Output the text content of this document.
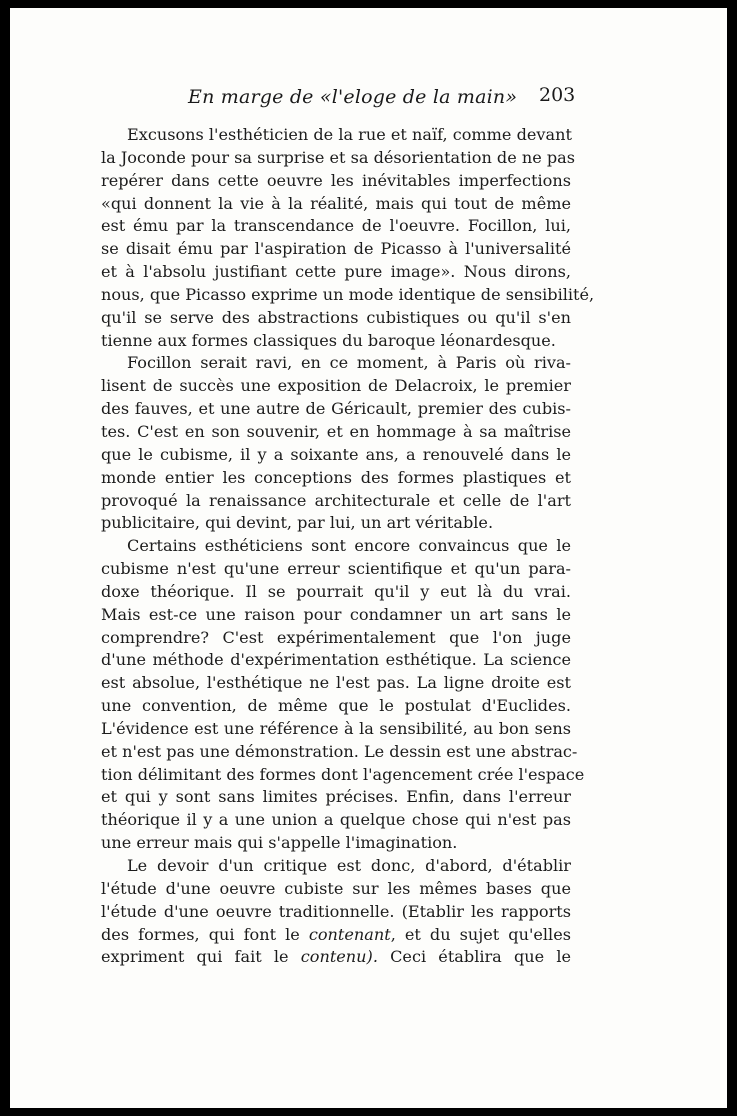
En marge de «l'eloge de la main» 203
Excusons l'esthéticien de la rue et naïf, comme devant
la Joconde pour sa surprise et sa désorientation de ne pas
repérer dans cette oeuvre les inévitables imperfections
«qui donnent la vie à la réalité, mais qui tout de même
est ému par la transcendance de l'oeuvre. Focillon, lui,
se disait ému par l'aspiration de Picasso à l'universalité
et à l'absolu justifiant cette pure image». Nous dirons,
nous, que Picasso exprime un mode identique de sensibilité,
qu'il se serve des abstractions cubistiques ou qu'il s'en
tienne aux formes classiques du baroque léonardesque.
Focillon serait ravi, en ce moment, à Paris où riva-
lisent de succès une exposition de Delacroix, le premier
des fauves, et une autre de Géricault, premier des cubis-
tes. C'est en son souvenir, et en hommage à sa maîtrise
que le cubisme, il y a soixante ans, a renouvelé dans le
monde entier les conceptions des formes plastiques et
provoqué la renaissance architecturale et celle de l'art
publicitaire, qui devint, par lui, un art véritable.
Certains esthéticiens sont encore convaincus que le
cubisme n'est qu'une erreur scientifique et qu'un para-
doxe théorique. Il se pourrait qu'il y eut là du vrai.
Mais est-ce une raison pour condamner un art sans le
comprendre? C'est expérimentalement que l'on juge
d'une méthode d'expérimentation esthétique. La science
est absolue, l'esthétique ne l'est pas. La ligne droite est
une convention, de même que le postulat d'Euclides.
L'évidence est une référence à la sensibilité, au bon sens
et n'est pas une démonstration. Le dessin est une abstrac-
tion délimitant des formes dont l'agencement crée l'espace
et qui y sont sans limites précises. Enfin, dans l'erreur
théorique il y a une union a quelque chose qui n'est pas
une erreur mais qui s'appelle l'imagination.
Le devoir d'un critique est donc, d'abord, d'établir
l'étude d'une oeuvre cubiste sur les mêmes bases que
l'étude d'une oeuvre traditionnelle. (Etablir les rapports
des formes, qui font le contenant, et du sujet qu'elles
expriment qui fait le contenu). Ceci établira que le
